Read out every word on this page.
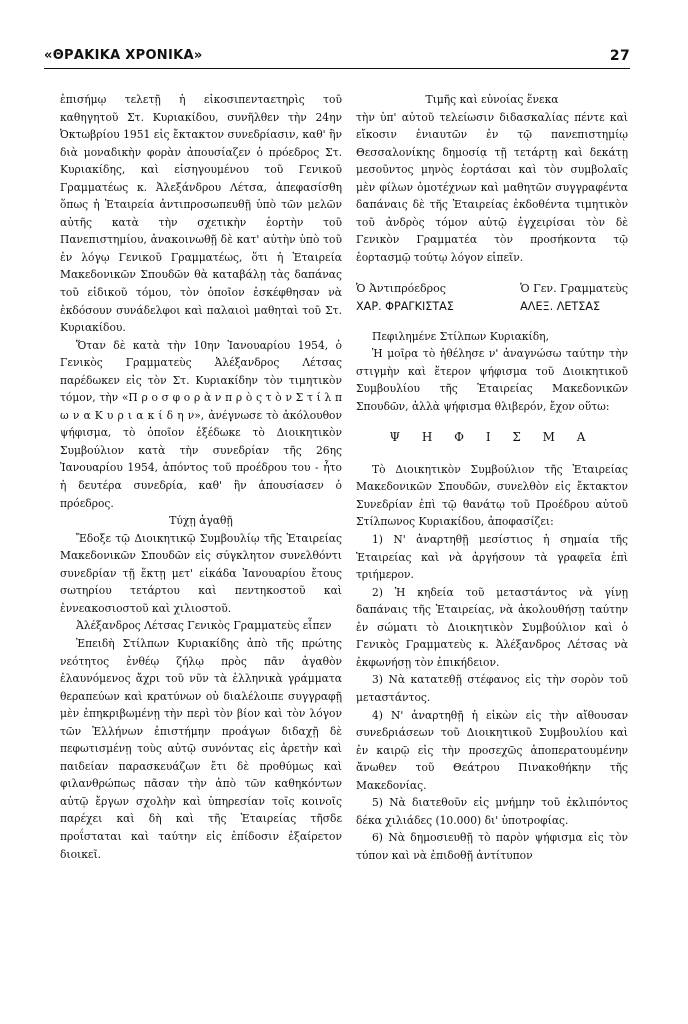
«ΘΡΑΚΙΚΑ ΧΡΟΝΙΚΑ»	27

ἐπισήμῳ τελετῇ ἡ εἰκοσιπενταετηρὶς τοῦ καθηγητοῦ Στ. Κυριακίδου, συνῆλθεν τὴν 24ην Ὀκτωβρίου 1951 εἰς ἔκτακτον συνεδρίασιν, καθ' ἣν διὰ μοναδικὴν φορὰν ἀπουσίαζεν ὁ πρόεδρος Στ. Κυριακίδης, καὶ εἰσηγουμένου τοῦ Γενικοῦ Γραμματέως κ. Ἀλεξάνδρου Λέτσα, ἀπεφασίσθη ὅπως ἡ Ἑταιρεία ἀντιπροσωπευθῇ ὑπὸ τῶν μελῶν αὐτῆς κατὰ τὴν σχετικὴν ἑορτὴν τοῦ Πανεπιστημίου, ἀνακοινωθῇ δὲ κατ' αὐτὴν ὑπὸ τοῦ ἐν λόγῳ Γενικοῦ Γραμματέως, ὅτι ἡ Ἑταιρεία Μακεδονικῶν Σπουδῶν θὰ καταβάλῃ τὰς δαπάνας τοῦ εἰδικοῦ τόμου, τὸν ὁποῖον ἐσκέφθησαν νὰ ἐκδόσουν συνάδελφοι καὶ παλαιοὶ μαθηταὶ τοῦ Στ. Κυριακίδου.

Ὅταν δὲ κατὰ τὴν 10ην Ἰανουαρίου 1954, ὁ Γενικὸς Γραμματεὺς Ἀλέξανδρος Λέτσας παρέδωκεν εἰς τὸν Στ. Κυριακίδην τὸν τιμητικὸν τόμον, τὴν «Π ρ ο σ φ ο ρ ὰ ν π ρ ὸ ς τ ὸ ν Σ τ ί λ π ω ν α Κ υ ρ ι α κ ί δ η ν», ἀνέγνωσε τὸ ἀκόλουθον ψήφισμα, τὸ ὁποῖον ἐξέδωκε τὸ Διοικητικὸν Συμβούλιον κατὰ τὴν συνεδρίαν τῆς 26ης Ἰανουαρίου 1954, ἀπόντος τοῦ προέδρου του - ἦτο ἡ δευτέρα συνεδρία, καθ' ἣν ἀπουσίασεν ὁ πρόεδρος.

Τύχῃ ἀγαθῇ

Ἔδοξε τῷ Διοικητικῷ Συμβουλίῳ τῆς Ἑταιρείας Μακεδονικῶν Σπουδῶν εἰς σύγκλητον συνελθόντι συνεδρίαν τῇ ἕκτῃ μετ' εἰκάδα Ἰανουαρίου ἔτους σωτηρίου τετάρτου καὶ πεντηκοστοῦ καὶ ἐννεακοσιοστοῦ καὶ χιλιοστοῦ.

Ἀλέξανδρος Λέτσας Γενικὸς Γραμματεὺς εἶπεν

Ἐπειδὴ Στίλπων Κυριακίδης ἀπὸ τῆς πρώτης νεότητος ἐνθέῳ ζήλῳ πρὸς πᾶν ἀγαθὸν ἐλαυνόμενος ἄχρι τοῦ νῦν τὰ ἑλληνικὰ γράμματα θεραπεύων καὶ κρατύνων οὐ διαλέλοιπε συγγραφῇ μὲν ἐπηκριβωμένῃ τὴν περὶ τὸν βίον καὶ τὸν λόγον τῶν Ἑλλήνων ἐπιστήμην προάγων διδαχῇ δὲ πεφωτισμένῃ τοὺς αὐτῷ συνόντας εἰς ἀρετὴν καὶ παιδείαν παρασκευάζων ἔτι δὲ προθύμως καὶ φιλανθρώπως πᾶσαν τὴν ἀπὸ τῶν καθηκόντων αὐτῷ ἔργων σχολὴν καὶ ὑπηρεσίαν τοῖς κοινοῖς παρέχει καὶ δὴ καὶ τῆς Ἑταιρείας τῆσδε προΐσταται καὶ ταύτην εἰς ἐπίδοσιν ἐξαίρετον διοικεῖ.

Τιμῆς καὶ εὐνοίας ἕνεκα

τὴν ὑπ' αὐτοῦ τελείωσιν διδασκαλίας πέντε καὶ εἴκοσιν ἐνιαυτῶν ἐν τῷ πανεπιστημίῳ Θεσσαλονίκης δημοσίᾳ τῇ τετάρτῃ καὶ δεκάτῃ μεσοῦντος μηνὸς ἑορτάσαι καὶ τὸν συμβολαῖς μὲν φίλων ὁμοτέχνων καὶ μαθητῶν συγγραφέντα δαπάναις δὲ τῆς Ἑταιρείας ἐκδοθέντα τιμητικὸν τοῦ ἀνδρὸς τόμον αὐτῷ ἐγχειρίσαι τὸν δὲ Γενικὸν Γραμματέα τὸν προσήκοντα τῷ ἑορτασμῷ τούτῳ λόγον εἰπεῖν.

Ὁ Ἀντιπρόεδρος
ΧΑΡ. ΦΡΑΓΚΙΣΤΑΣ
Ὁ Γεν. Γραμματεὺς
ΑΛΕΞ. ΛΕΤΣΑΣ

Πεφιλημένε Στίλπων Κυριακίδη,

Ἡ μοῖρα τὸ ἠθέλησε ν' ἀναγνώσω ταύτην τὴν στιγμὴν καὶ ἕτερον ψήφισμα τοῦ Διοικητικοῦ Συμβουλίου τῆς Ἑταιρείας Μακεδονικῶν Σπουδῶν, ἀλλὰ ψήφισμα θλιβερόν, ἔχον οὕτω:

Ψ Η Φ Ι Σ Μ Α

Τὸ Διοικητικὸν Συμβούλιον τῆς Ἑταιρείας Μακεδονικῶν Σπουδῶν, συνελθὸν εἰς ἔκτακτον Συνεδρίαν ἐπὶ τῷ θανάτῳ τοῦ Προέδρου αὐτοῦ Στίλπωνος Κυριακίδου, ἀποφασίζει:

1) Ν' ἀναρτηθῇ μεσίστιος ἡ σημαία τῆς Ἑταιρείας καὶ νὰ ἀργήσουν τὰ γραφεῖα ἐπὶ τριήμερον.

2) Ἡ κηδεία τοῦ μεταστάντος νὰ γίνῃ δαπάναις τῆς Ἑταιρείας, νὰ ἀκολουθήσῃ ταύτην ἐν σώματι τὸ Διοικητικὸν Συμβούλιον καὶ ὁ Γενικὸς Γραμματεὺς κ. Ἀλέξανδρος Λέτσας νὰ ἐκφωνήσῃ τὸν ἐπικήδειον.

3) Νὰ κατατεθῇ στέφανος εἰς τὴν σορὸν τοῦ μεταστάντος.

4) Ν' ἀναρτηθῇ ἡ εἰκὼν εἰς τὴν αἴθουσαν συνεδριάσεων τοῦ Διοικητικοῦ Συμβουλίου καὶ ἐν καιρῷ εἰς τὴν προσεχῶς ἀποπερατουμένην ἄνωθεν τοῦ Θεάτρου Πινακοθήκην τῆς Μακεδονίας.

5) Νὰ διατεθοῦν εἰς μνήμην τοῦ ἐκλιπόντος δέκα χιλιάδες (10.000) δι' ὑποτροφίας.

6) Νὰ δημοσιευθῇ τὸ παρὸν ψήφισμα εἰς τὸν τύπον καὶ νὰ ἐπιδοθῇ ἀντίτυπον
